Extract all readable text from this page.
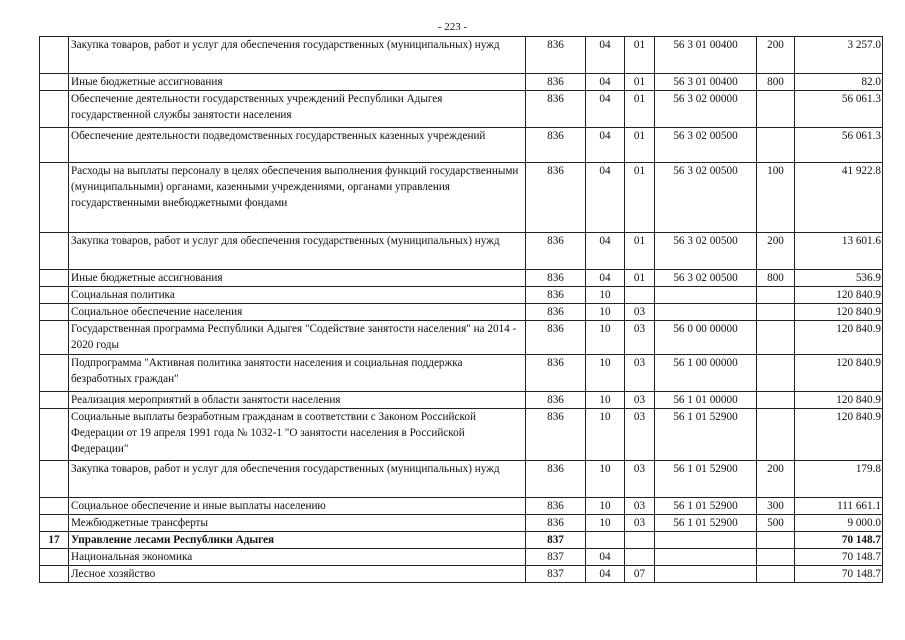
- 223 -
	Закупка товаров, работ и услуг для обеспечения государственных (муниципальных) нужд	836	04	01	56 3 01 00400	200	3 257.0
	Иные бюджетные ассигнования	836	04	01	56 3 01 00400	800	82.0
	Обеспечение деятельности государственных учреждений Республики Адыгея государственной службы занятости населения	836	04	01	56 3 02 00000		56 061.3
	Обеспечение деятельности подведомственных государственных казенных учреждений	836	04	01	56 3 02 00500		56 061.3
	Расходы на выплаты персоналу в целях обеспечения выполнения функций государственными (муниципальными) органами, казенными учреждениями, органами управления государственными внебюджетными фондами	836	04	01	56 3 02 00500	100	41 922.8
	Закупка товаров, работ и услуг для обеспечения государственных (муниципальных) нужд	836	04	01	56 3 02 00500	200	13 601.6
	Иные бюджетные ассигнования	836	04	01	56 3 02 00500	800	536.9
	Социальная политика	836	10				120 840.9
	Социальное обеспечение населения	836	10	03			120 840.9
	Государственная программа Республики Адыгея "Содействие занятости населения" на 2014 - 2020 годы	836	10	03	56 0 00 00000		120 840.9
	Подпрограмма "Активная политика занятости населения и социальная поддержка безработных граждан"	836	10	03	56 1 00 00000		120 840.9
	Реализация мероприятий в области занятости населения	836	10	03	56 1 01 00000		120 840.9
	Социальные выплаты безработным гражданам в соответствии с Законом Российской Федерации от 19 апреля 1991 года № 1032-1 "О занятости населения в Российской Федерации"	836	10	03	56 1 01 52900		120 840.9
	Закупка товаров, работ и услуг для обеспечения государственных (муниципальных) нужд	836	10	03	56 1 01 52900	200	179.8
	Социальное обеспечение и иные выплаты населению	836	10	03	56 1 01 52900	300	111 661.1
	Межбюджетные трансферты	836	10	03	56 1 01 52900	500	9 000.0
17	Управление лесами Республики Адыгея	837					70 148.7
	Национальная экономика	837	04				70 148.7
	Лесное хозяйство	837	04	07			70 148.7
